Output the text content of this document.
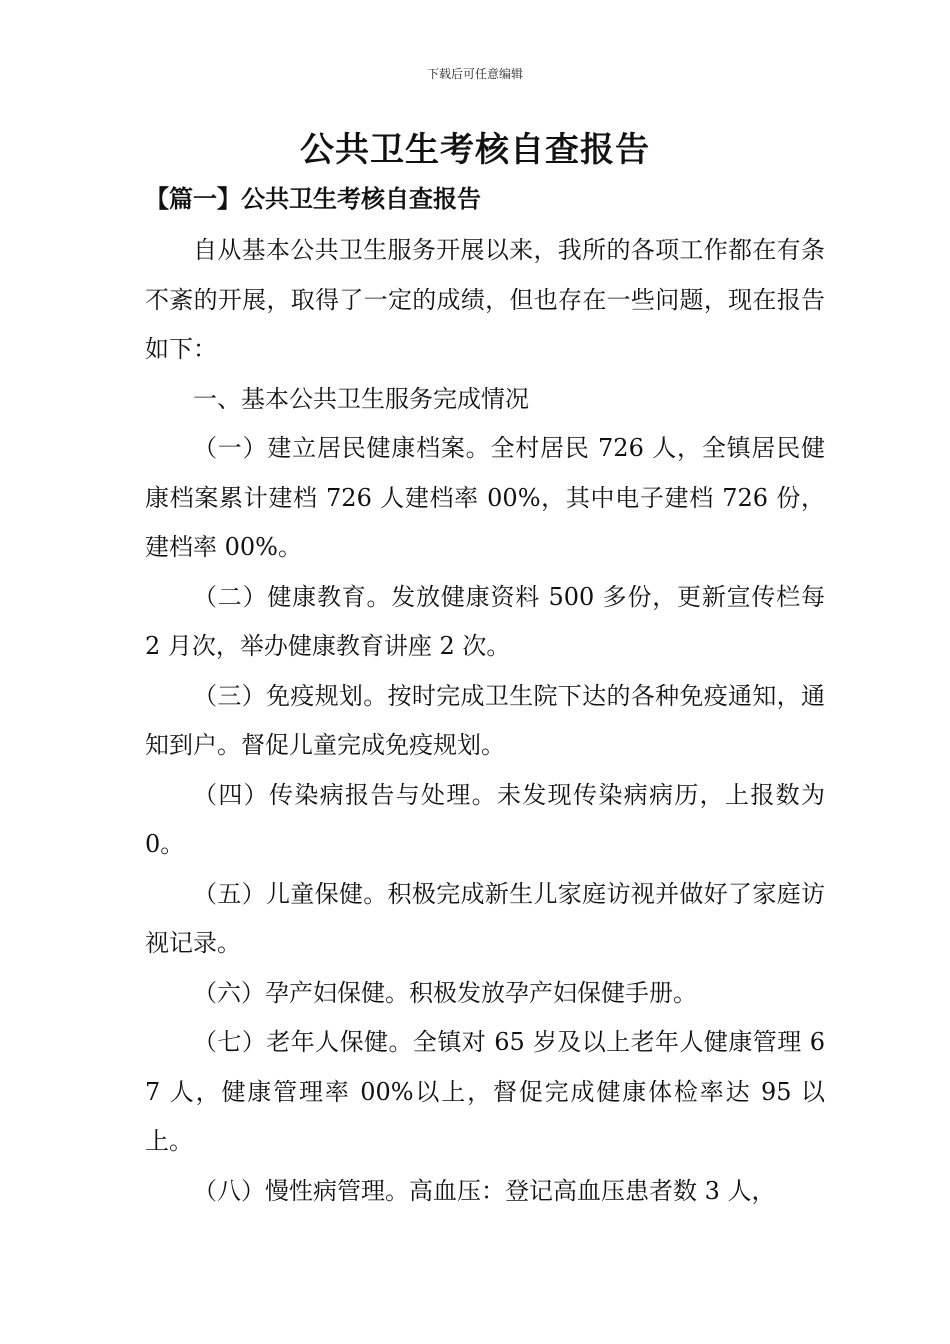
下载后可任意编辑
公共卫生考核自查报告
【篇一】公共卫生考核自查报告

自从基本公共卫生服务开展以来，我所的各项工作都在有条不紊的开展，取得了一定的成绩，但也存在一些问题，现在报告如下：

一、基本公共卫生服务完成情况

（一）建立居民健康档案。全村居民 726 人，全镇居民健康档案累计建档 726 人建档率 00%，其中电子建档 726 份，建档率 00%。

（二）健康教育。发放健康资料 500 多份，更新宣传栏每 2 月次，举办健康教育讲座 2 次。

（三）免疫规划。按时完成卫生院下达的各种免疫通知，通知到户。督促儿童完成免疫规划。

（四）传染病报告与处理。未发现传染病病历，上报数为 0。

（五）儿童保健。积极完成新生儿家庭访视并做好了家庭访视记录。

（六）孕产妇保健。积极发放孕产妇保健手册。

（七）老年人保健。全镇对 65 岁及以上老年人健康管理 67 人，健康管理率 00%以上，督促完成健康体检率达 95 以上。

（八）慢性病管理。高血压：登记高血压患者数 3 人，
